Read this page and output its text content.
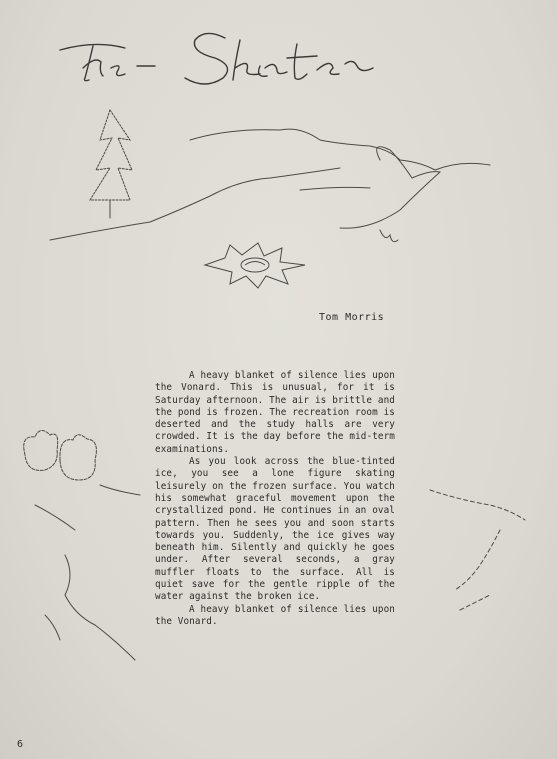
Tom Morris

A heavy blanket of silence lies upon the Vonard. This is unusual, for it is Saturday afternoon. The air is brittle and the pond is frozen. The recreation room is deserted and the study halls are very crowded. It is the day before the mid-term examinations.

As you look across the blue-tinted ice, you see a lone figure skating leisurely on the frozen surface. You watch his somewhat graceful movement upon the crystallized pond. He continues in an oval pattern. Then he sees you and soon starts towards you. Suddenly, the ice gives way beneath him. Silently and quickly he goes under. After several seconds, a gray muffler floats to the surface. All is quiet save for the gentle ripple of the water against the broken ice.

A heavy blanket of silence lies upon the Vonard.

6
